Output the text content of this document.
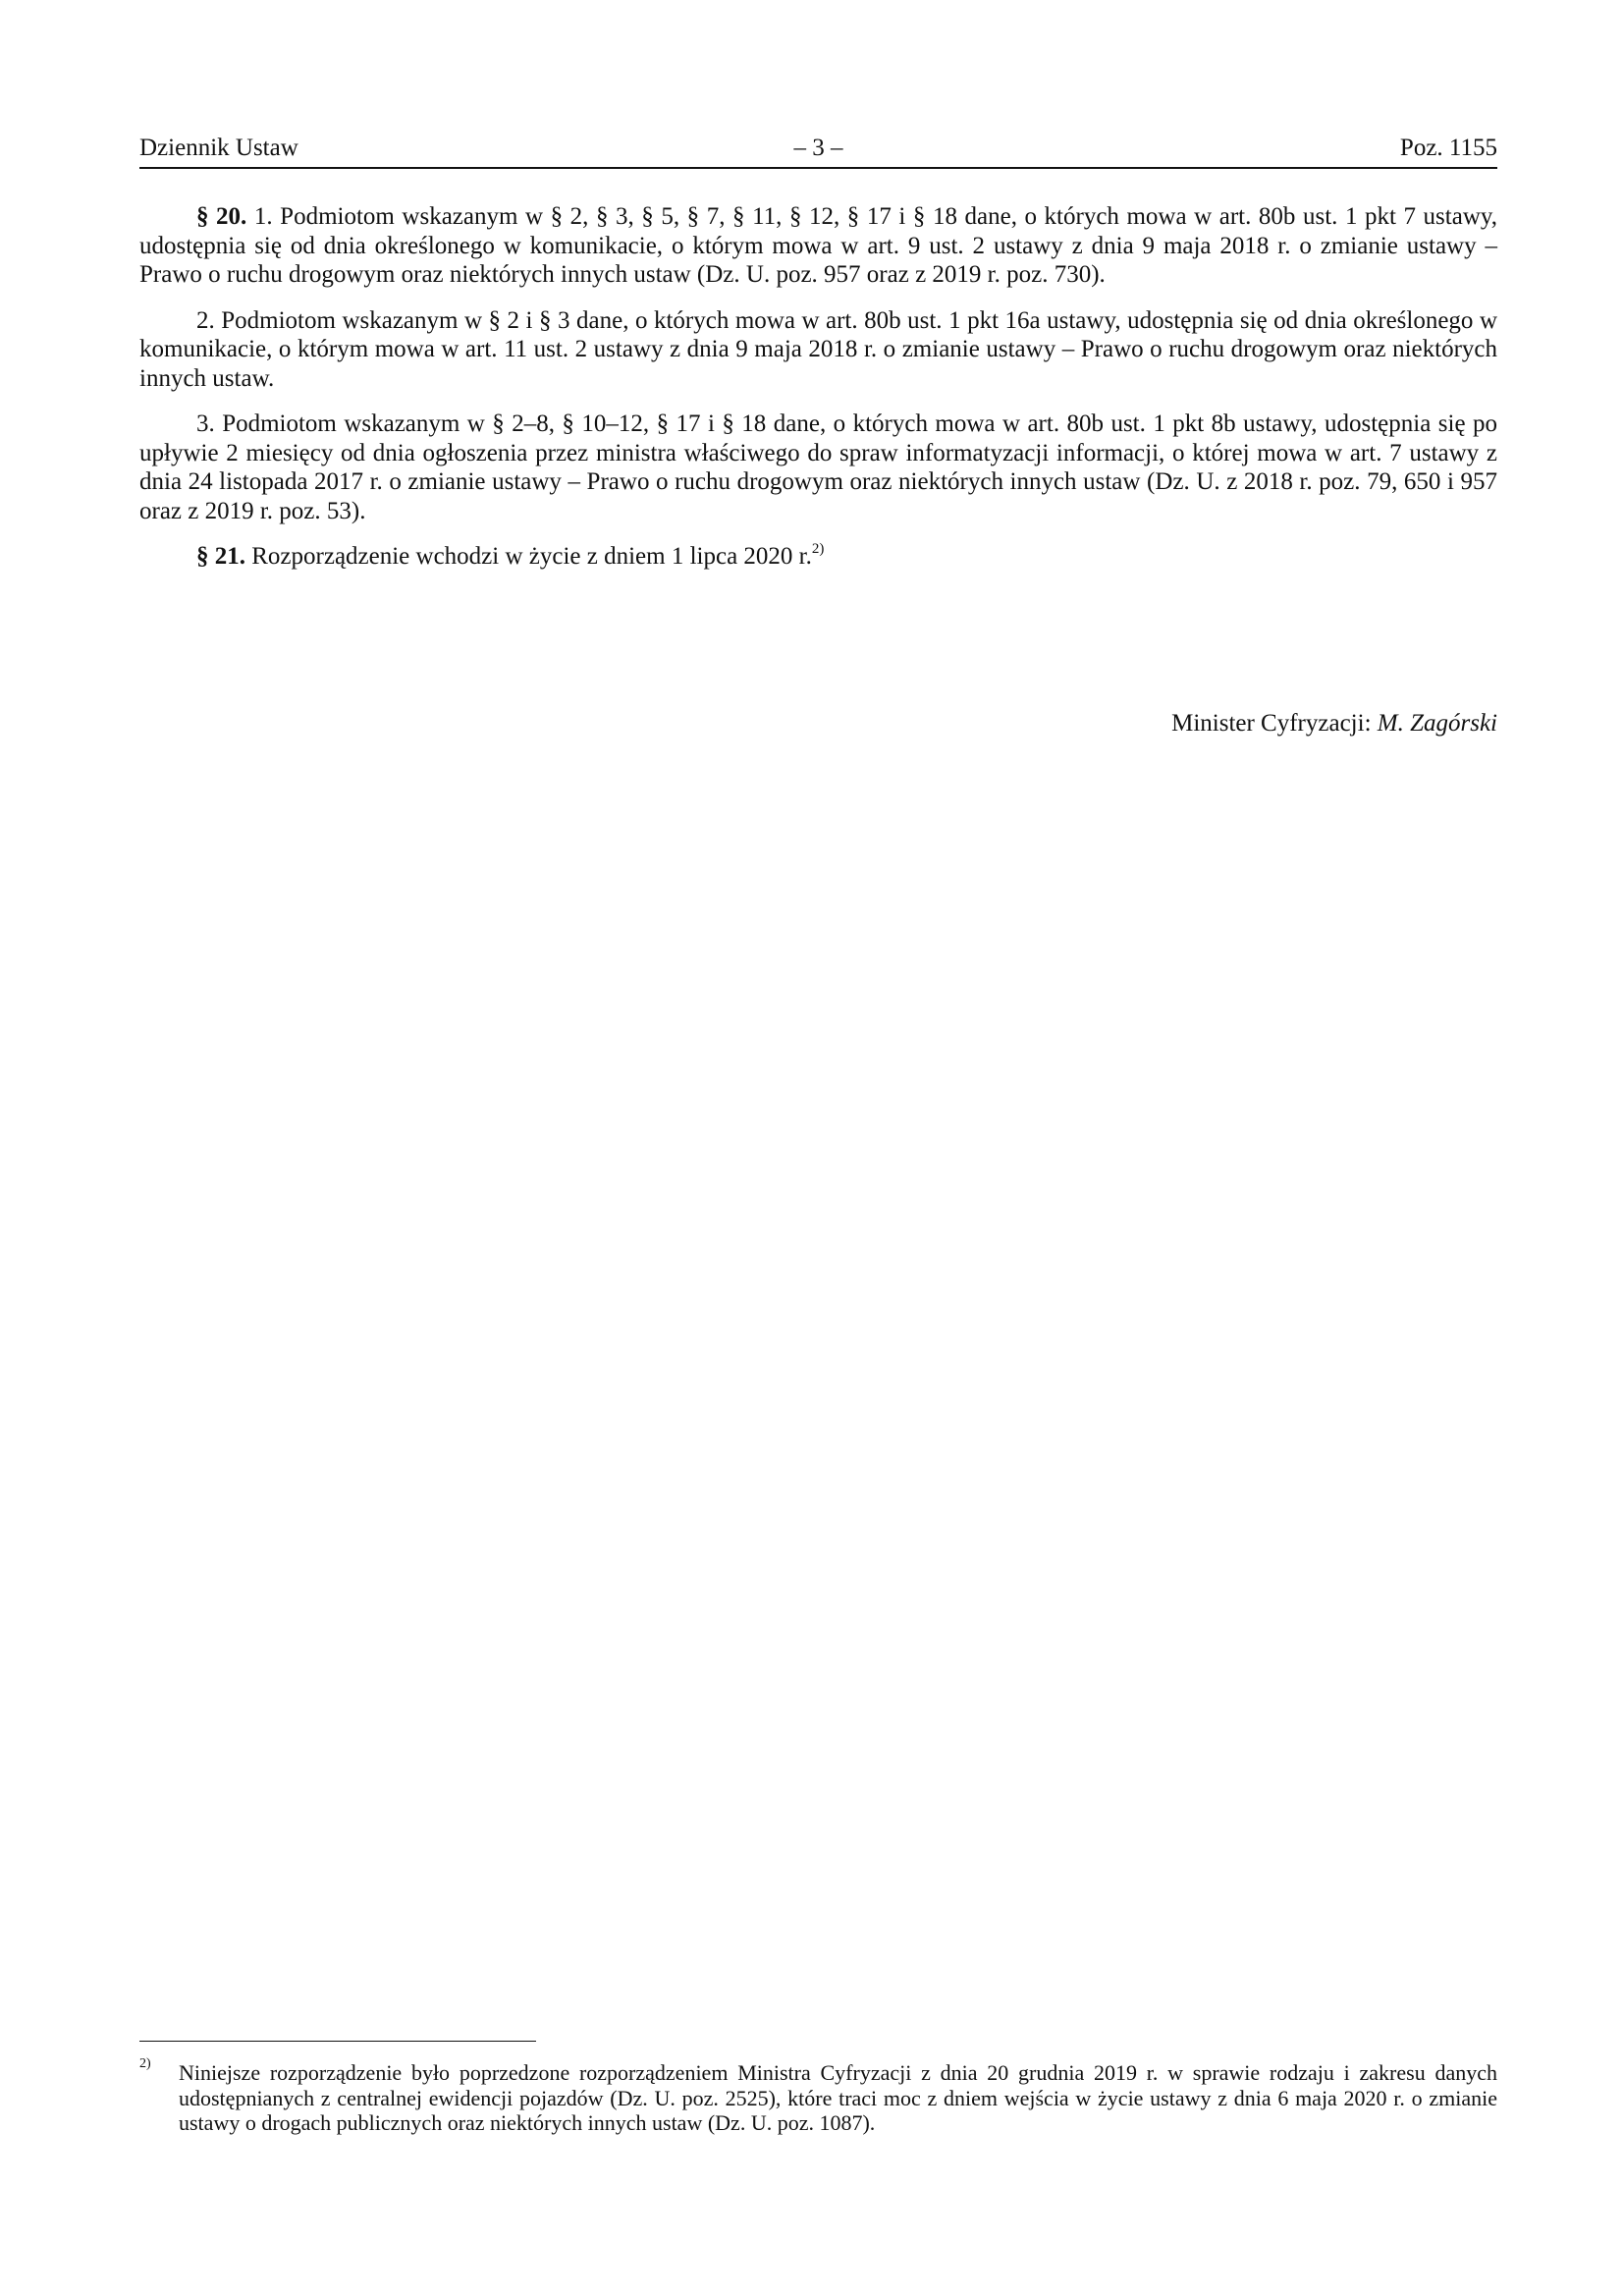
Dziennik Ustaw	– 3 –	Poz. 1155

§ 20. 1. Podmiotom wskazanym w § 2, § 3, § 5, § 7, § 11, § 12, § 17 i § 18 dane, o których mowa w art. 80b ust. 1 pkt 7 ustawy, udostępnia się od dnia określonego w komunikacie, o którym mowa w art. 9 ust. 2 ustawy z dnia 9 maja 2018 r. o zmianie ustawy – Prawo o ruchu drogowym oraz niektórych innych ustaw (Dz. U. poz. 957 oraz z 2019 r. poz. 730).

2. Podmiotom wskazanym w § 2 i § 3 dane, o których mowa w art. 80b ust. 1 pkt 16a ustawy, udostępnia się od dnia określonego w komunikacie, o którym mowa w art. 11 ust. 2 ustawy z dnia 9 maja 2018 r. o zmianie ustawy – Prawo o ruchu drogowym oraz niektórych innych ustaw.

3. Podmiotom wskazanym w § 2–8, § 10–12, § 17 i § 18 dane, o których mowa w art. 80b ust. 1 pkt 8b ustawy, udostępnia się po upływie 2 miesięcy od dnia ogłoszenia przez ministra właściwego do spraw informatyzacji informacji, o której mowa w art. 7 ustawy z dnia 24 listopada 2017 r. o zmianie ustawy – Prawo o ruchu drogowym oraz niektórych innych ustaw (Dz. U. z 2018 r. poz. 79, 650 i 957 oraz z 2019 r. poz. 53).

§ 21. Rozporządzenie wchodzi w życie z dniem 1 lipca 2020 r.$^{2)}$

Minister Cyfryzacji: M. Zagórski
2) Niniejsze rozporządzenie było poprzedzone rozporządzeniem Ministra Cyfryzacji z dnia 20 grudnia 2019 r. w sprawie rodzaju i zakresu danych udostępnianych z centralnej ewidencji pojazdów (Dz. U. poz. 2525), które traci moc z dniem wejścia w życie ustawy z dnia 6 maja 2020 r. o zmianie ustawy o drogach publicznych oraz niektórych innych ustaw (Dz. U. poz. 1087).
